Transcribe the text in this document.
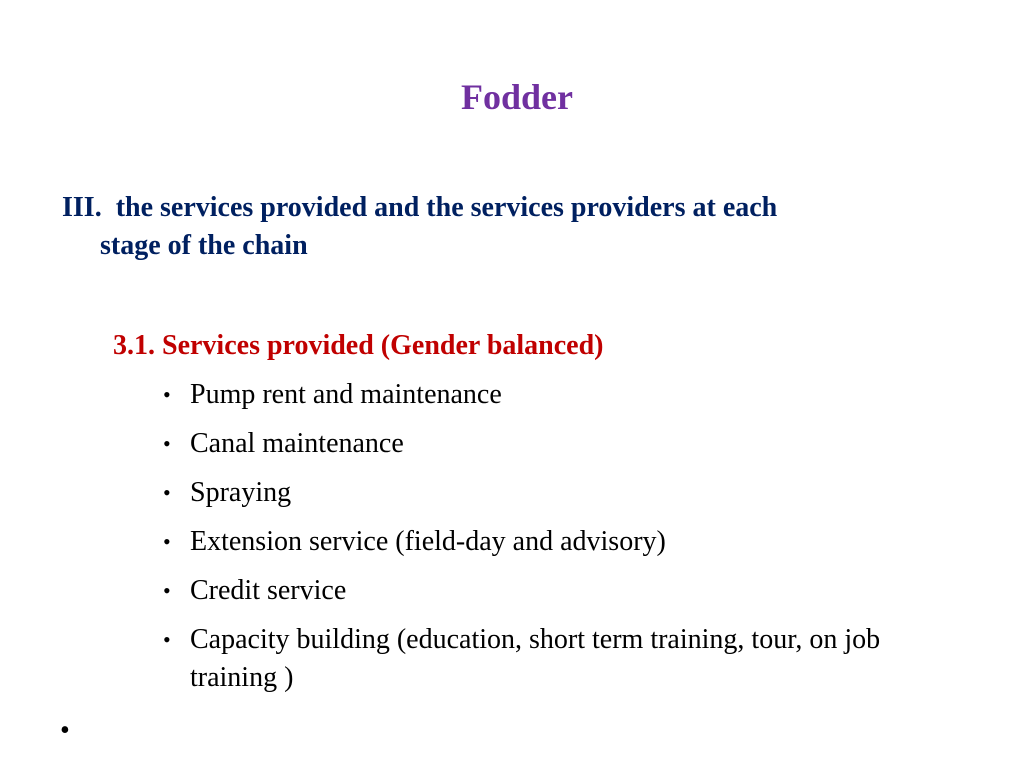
Fodder
III. the services provided and the services providers at each
stage of the chain
3.1. Services provided (Gender balanced)
• Pump rent and maintenance
• Canal maintenance
• Spraying
• Extension service (field-day and advisory)
• Credit service
• Capacity building (education, short term training, tour, on job training )
•
